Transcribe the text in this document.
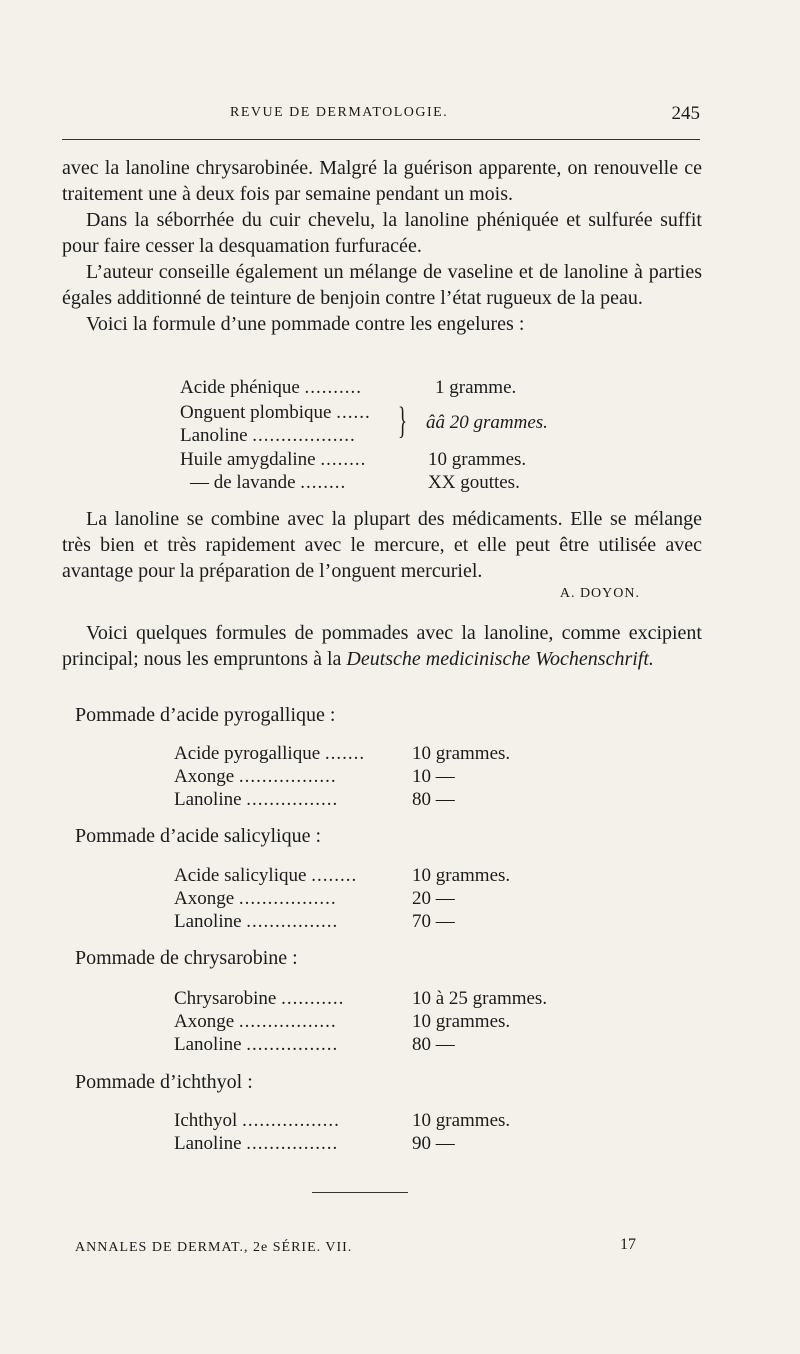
REVUE DE DERMATOLOGIE.	245

avec la lanoline chrysarobinée. Malgré la guérison apparente, on renouvelle ce traitement une à deux fois par semaine pendant un mois.

Dans la séborrhée du cuir chevelu, la lanoline phéniquée et sulfurée suffit pour faire cesser la desquamation furfuracée.

L’auteur conseille également un mélange de vaseline et de lanoline à parties égales additionné de teinture de benjoin contre l’état rugueux de la peau.

Voici la formule d’une pommade contre les engelures :

Acide phénique ..........	1 gramme.
Onguent plombique ......
Lanoline .................. } ââ 20 grammes.
Huile amygdaline ........	10 grammes.
— de lavande ........	XX gouttes.

La lanoline se combine avec la plupart des médicaments. Elle se mélange très bien et très rapidement avec le mercure, et elle peut être utilisée avec avantage pour la préparation de l’onguent mercuriel.

A. DOYON.

Voici quelques formules de pommades avec la lanoline, comme excipient principal; nous les empruntons à la Deutsche medicinische Wochenschrift.

Pommade d’acide pyrogallique :
Acide pyrogallique ....... 10 grammes.
Axonge .................	10 —
Lanoline ................	80 —
Pommade d’acide salicylique :
Acide salicylique ........	10 grammes.
Axonge .................	20 —
Lanoline ................	70 —
Pommade de chrysarobine :
Chrysarobine ...........	10 à 25 grammes.
Axonge .................	10 grammes.
Lanoline ................	80 —
Pommade d’ichthyol :
Ichthyol .................	10 grammes.
Lanoline ................	90 —
ANNALES DE DERMAT., 2e SÉRIE. VII.	17
